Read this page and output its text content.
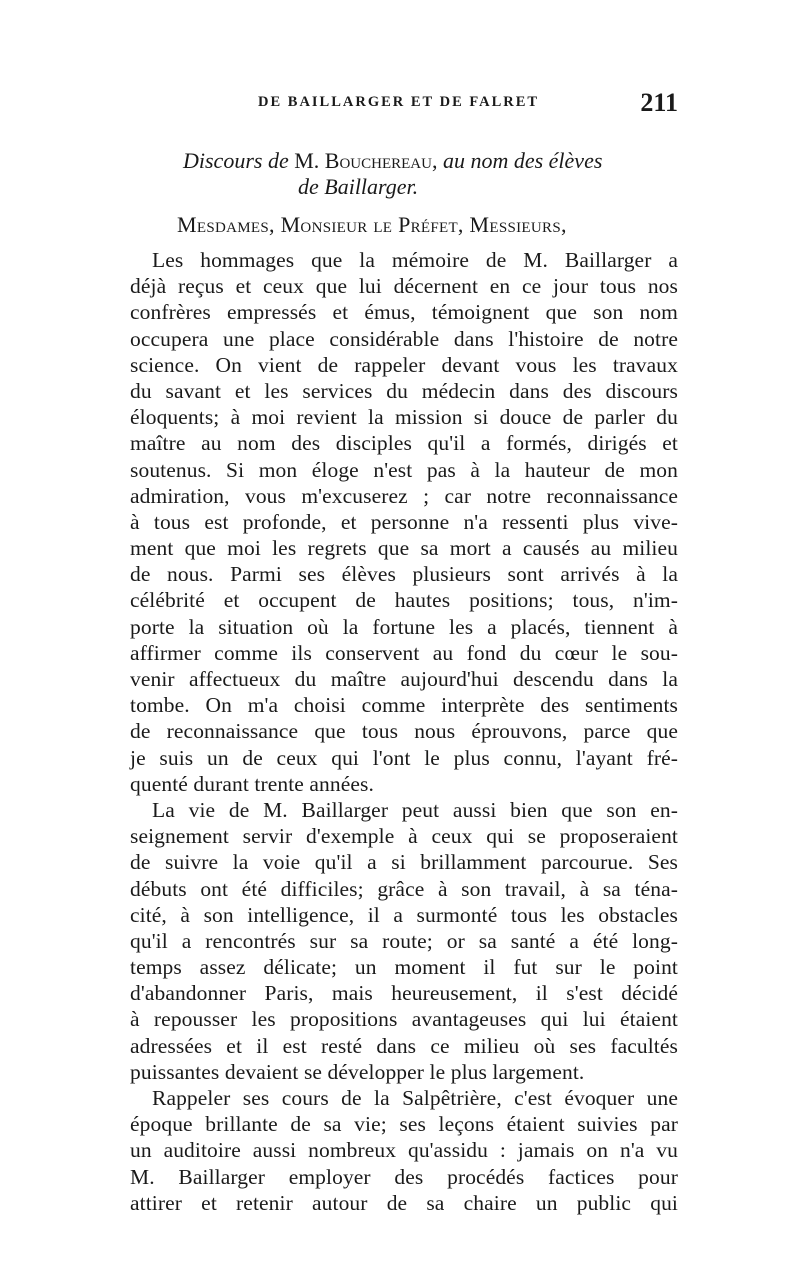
DE BAILLARGER ET DE FALRET	211
Discours de M. Bouchereau, au nom des élèves
de Baillarger.
Mesdames, Monsieur le Préfet, Messieurs,
Les hommages que la mémoire de M. Baillarger a
déjà reçus et ceux que lui décernent en ce jour tous nos
confrères empressés et émus, témoignent que son nom
occupera une place considérable dans l'histoire de notre
science. On vient de rappeler devant vous les travaux
du savant et les services du médecin dans des discours
éloquents; à moi revient la mission si douce de parler du
maître au nom des disciples qu'il a formés, dirigés et
soutenus. Si mon éloge n'est pas à la hauteur de mon
admiration, vous m'excuserez ; car notre reconnaissance
à tous est profonde, et personne n'a ressenti plus vive-
ment que moi les regrets que sa mort a causés au milieu
de nous. Parmi ses élèves plusieurs sont arrivés à la
célébrité et occupent de hautes positions; tous, n'im-
porte la situation où la fortune les a placés, tiennent à
affirmer comme ils conservent au fond du cœur le sou-
venir affectueux du maître aujourd'hui descendu dans la
tombe. On m'a choisi comme interprète des sentiments
de reconnaissance que tous nous éprouvons, parce que
je suis un de ceux qui l'ont le plus connu, l'ayant fré-
quenté durant trente années.
La vie de M. Baillarger peut aussi bien que son en-
seignement servir d'exemple à ceux qui se proposeraient
de suivre la voie qu'il a si brillamment parcourue. Ses
débuts ont été difficiles; grâce à son travail, à sa téna-
cité, à son intelligence, il a surmonté tous les obstacles
qu'il a rencontrés sur sa route; or sa santé a été long-
temps assez délicate; un moment il fut sur le point
d'abandonner Paris, mais heureusement, il s'est décidé
à repousser les propositions avantageuses qui lui étaient
adressées et il est resté dans ce milieu où ses facultés
puissantes devaient se développer le plus largement.
Rappeler ses cours de la Salpêtrière, c'est évoquer une
époque brillante de sa vie; ses leçons étaient suivies par
un auditoire aussi nombreux qu'assidu : jamais on n'a vu
M. Baillarger employer des procédés factices pour
attirer et retenir autour de sa chaire un public qui
